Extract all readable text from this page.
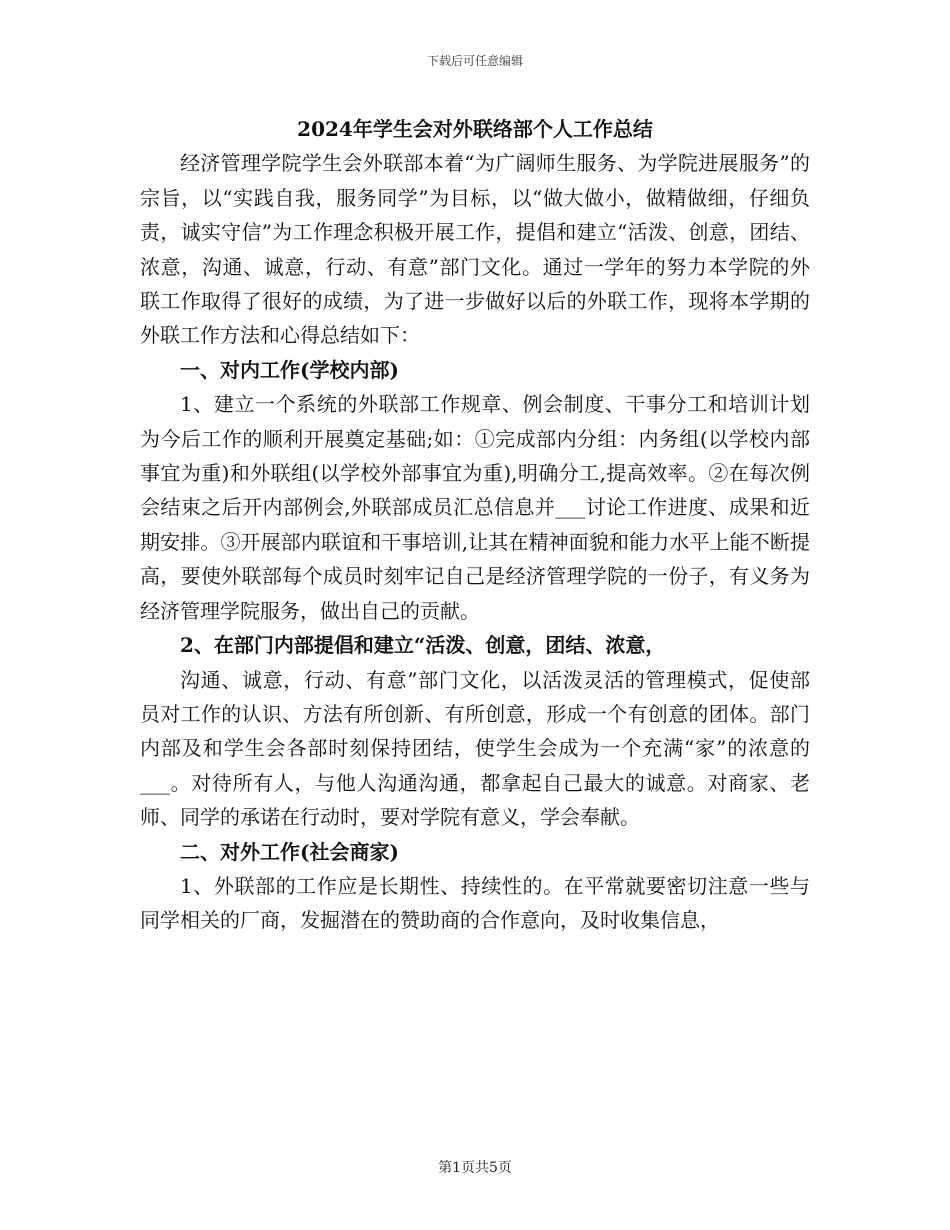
下载后可任意编辑

2024年学生会对外联络部个人工作总结

经济管理学院学生会外联部本着“为广阔师生服务、为学院进展服务”的宗旨，以“实践自我，服务同学”为目标，以“做大做小，做精做细，仔细负责，诚实守信”为工作理念积极开展工作，提倡和建立“活泼、创意，团结、浓意，沟通、诚意，行动、有意”部门文化。通过一学年的努力本学院的外联工作取得了很好的成绩，为了进一步做好以后的外联工作，现将本学期的外联工作方法和心得总结如下：

一、对内工作(学校内部)

1、建立一个系统的外联部工作规章、例会制度、干事分工和培训计划为今后工作的顺利开展奠定基础;如：①完成部内分组：内务组(以学校内部事宜为重)和外联组(以学校外部事宜为重),明确分工,提高效率。②在每次例会结束之后开内部例会,外联部成员汇总信息并___讨论工作进度、成果和近期安排。③开展部内联谊和干事培训,让其在精神面貌和能力水平上能不断提高，要使外联部每个成员时刻牢记自己是经济管理学院的一份子，有义务为经济管理学院服务，做出自己的贡献。

2、在部门内部提倡和建立“活泼、创意，团结、浓意，

沟通、诚意，行动、有意”部门文化，以活泼灵活的管理模式，促使部员对工作的认识、方法有所创新、有所创意，形成一个有创意的团体。部门内部及和学生会各部时刻保持团结，使学生会成为一个充满“家”的浓意的___。对待所有人，与他人沟通沟通，都拿起自己最大的诚意。对商家、老师、同学的承诺在行动时，要对学院有意义，学会奉献。

二、对外工作(社会商家)

1、外联部的工作应是长期性、持续性的。在平常就要密切注意一些与同学相关的厂商，发掘潜在的赞助商的合作意向，及时收集信息，

第1页共5页
